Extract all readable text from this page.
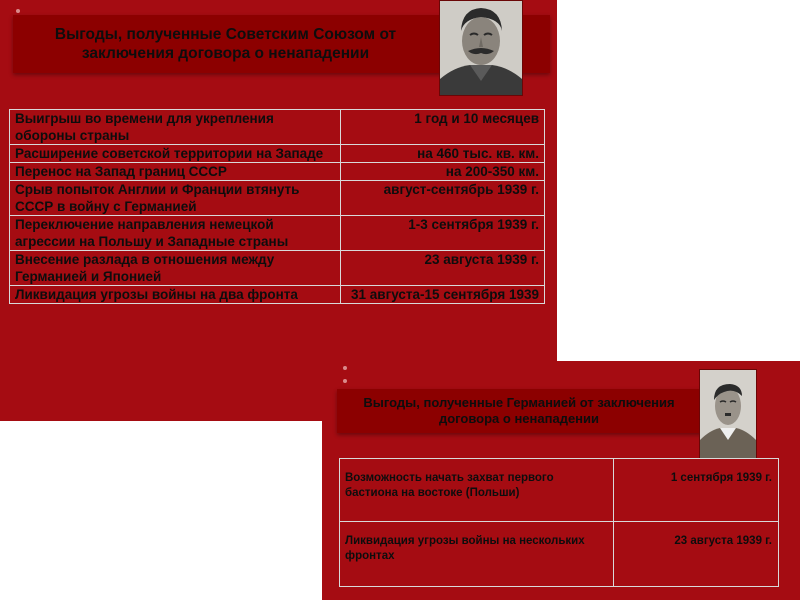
Выгоды, полученные Советским Союзом от
заключения договора о ненападении
Выигрыш во времени для укрепления обороны страны	1 год и 10 месяцев
Расширение советской территории на Западе	на 460 тыс. кв. км.
Перенос на Запад границ СССР	на 200-350 км.
Срыв попыток Англии и Франции втянуть СССР в войну с Германией	август-сентябрь 1939 г.
Переключение направления немецкой агрессии на Польшу и Западные страны	1-3 сентября 1939 г.
Внесение разлада в отношения между Германией и Японией	23 августа 1939 г.
Ликвидация угрозы войны на два фронта	31 августа-15 сентября 1939
Выгоды, полученные Германией от заключения
договора о ненападении
Возможность начать захват первого бастиона на востоке (Польши)	1 сентября 1939 г.
Ликвидация угрозы войны на нескольких фронтах	23 августа 1939 г.
